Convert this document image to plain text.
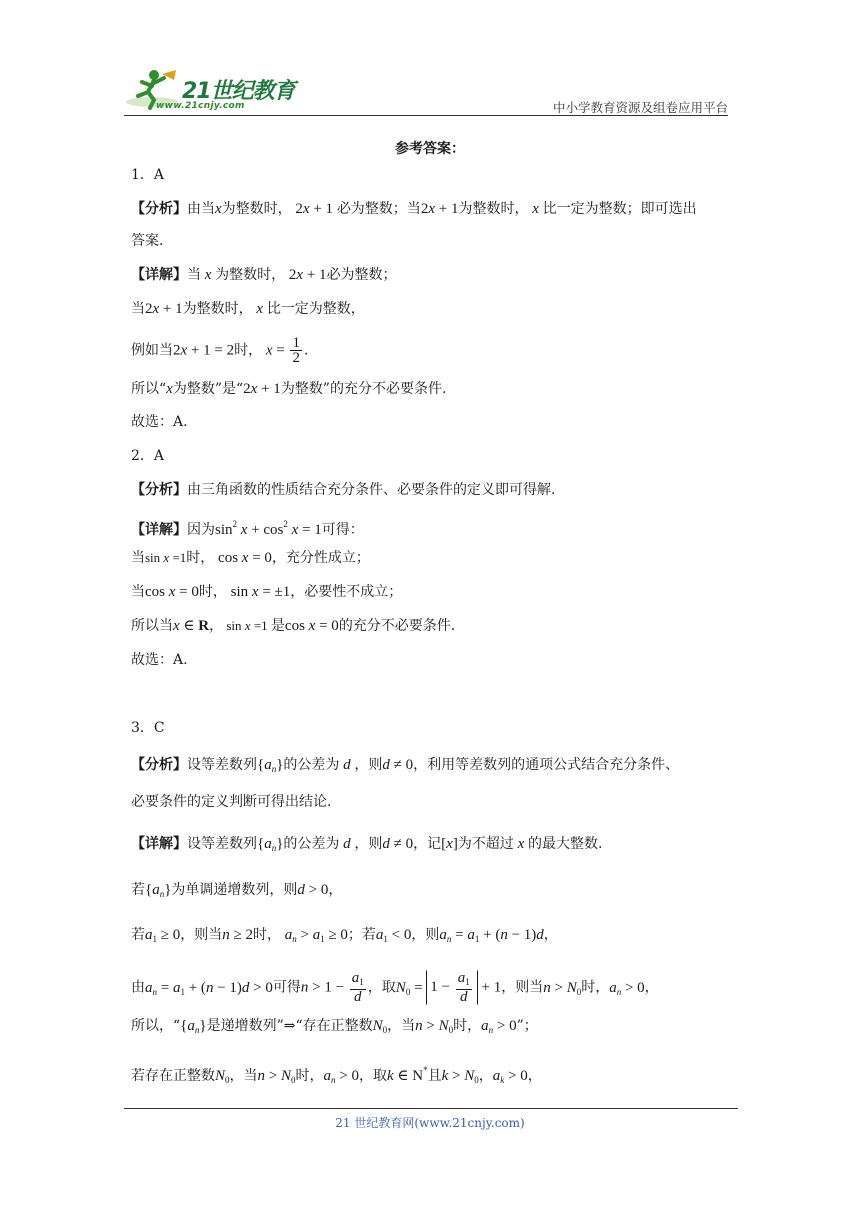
21世纪教育
www.21cnjy.com	中小学教育资源及组卷应用平台
参考答案：
1．A
【分析】由当x为整数时， 2x + 1 必为整数；当2x + 1为整数时， x 比一定为整数；即可选出
答案.
【详解】当 x 为整数时， 2x + 1必为整数；
当2x + 1为整数时， x 比一定为整数，
例如当2x + 1 = 2时， $x = \frac{1}{2}$ .
所以“x为整数”是“2x + 1为整数”的充分不必要条件.
故选：A.
2．A
【分析】由三角函数的性质结合充分条件、必要条件的定义即可得解.
【详解】因为$\sin^2 x + \cos^2 x = 1$可得：
当sin x =1时， cos x = 0，充分性成立；
当cos x = 0时， sin x = ±1，必要性不成立；
所以当x ∈ R， sin x =1 是cos x = 0的充分不必要条件.
故选：A.
3．C
【分析】设等差数列$\{a_n\}$的公差为 d ，则d ≠ 0，利用等差数列的通项公式结合充分条件、
必要条件的定义判断可得出结论.
【详解】设等差数列$\{a_n\}$的公差为 d ，则d ≠ 0，记[x]为不超过 x 的最大整数.
若$\{a_n\}$为单调递增数列，则d > 0，
若$a_1 \ge 0$，则当n ≥ 2时， $a_n > a_1 \ge 0$；若$a_1 < 0$，则$a_n = a_1 + (n - 1)d$，
由$a_n = a_1 + (n - 1)d > 0$可得$n > 1 - \frac{a_1}{d}$ ，取$N_0 = 1 - \frac{a_1}{d} + 1$，则当$n > N_0$时，$a_n > 0$，
所以，“$\{a_n\}$是递增数列”⇒“存在正整数$N_0$，当$n > N_0$时，$a_n > 0$”；
若存在正整数$N_0$，当$n > N_0$时，$a_n > 0$，取k ∈ N*且$k > N_0$，$a_k > 0$，
21 世纪教育网(www.21cnjy.com)
